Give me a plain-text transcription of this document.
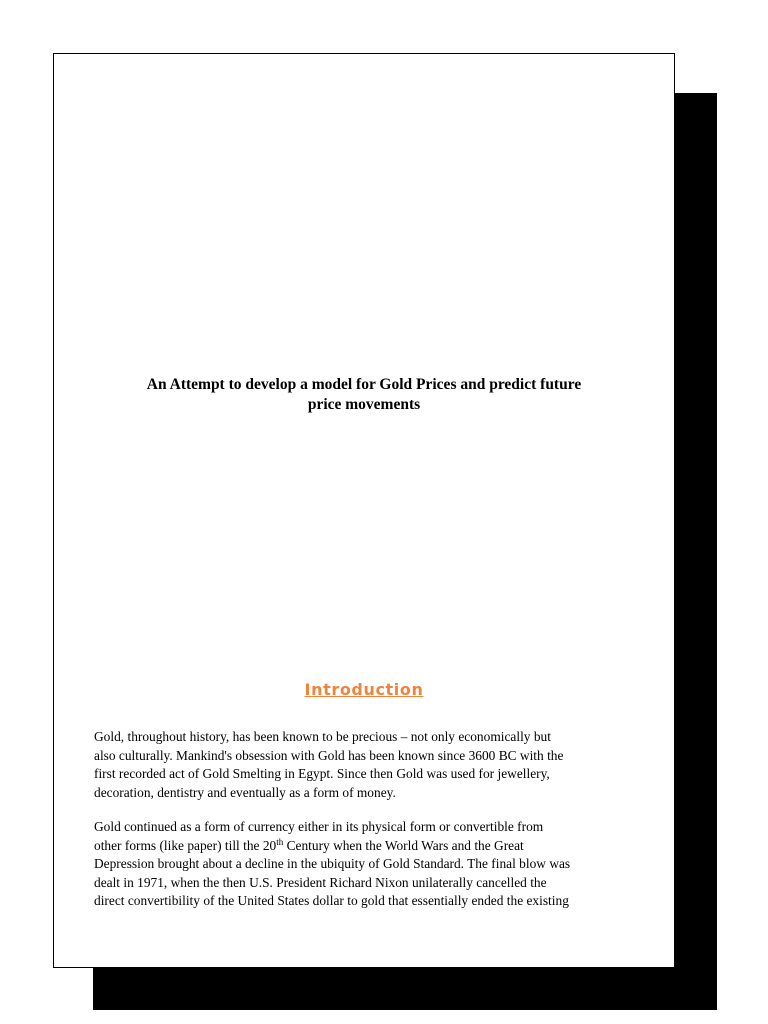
An Attempt to develop a model for Gold Prices and predict future
price movements
Introduction
Gold, throughout history, has been known to be precious – not only economically but
also culturally. Mankind's obsession with Gold has been known since 3600 BC with the
first recorded act of Gold Smelting in Egypt. Since then Gold was used for jewellery,
decoration, dentistry and eventually as a form of money.
Gold continued as a form of currency either in its physical form or convertible from
other forms (like paper) till the 20th Century when the World Wars and the Great
Depression brought about a decline in the ubiquity of Gold Standard. The final blow was
dealt in 1971, when the then U.S. President Richard Nixon unilaterally cancelled the
direct convertibility of the United States dollar to gold that essentially ended the existing
